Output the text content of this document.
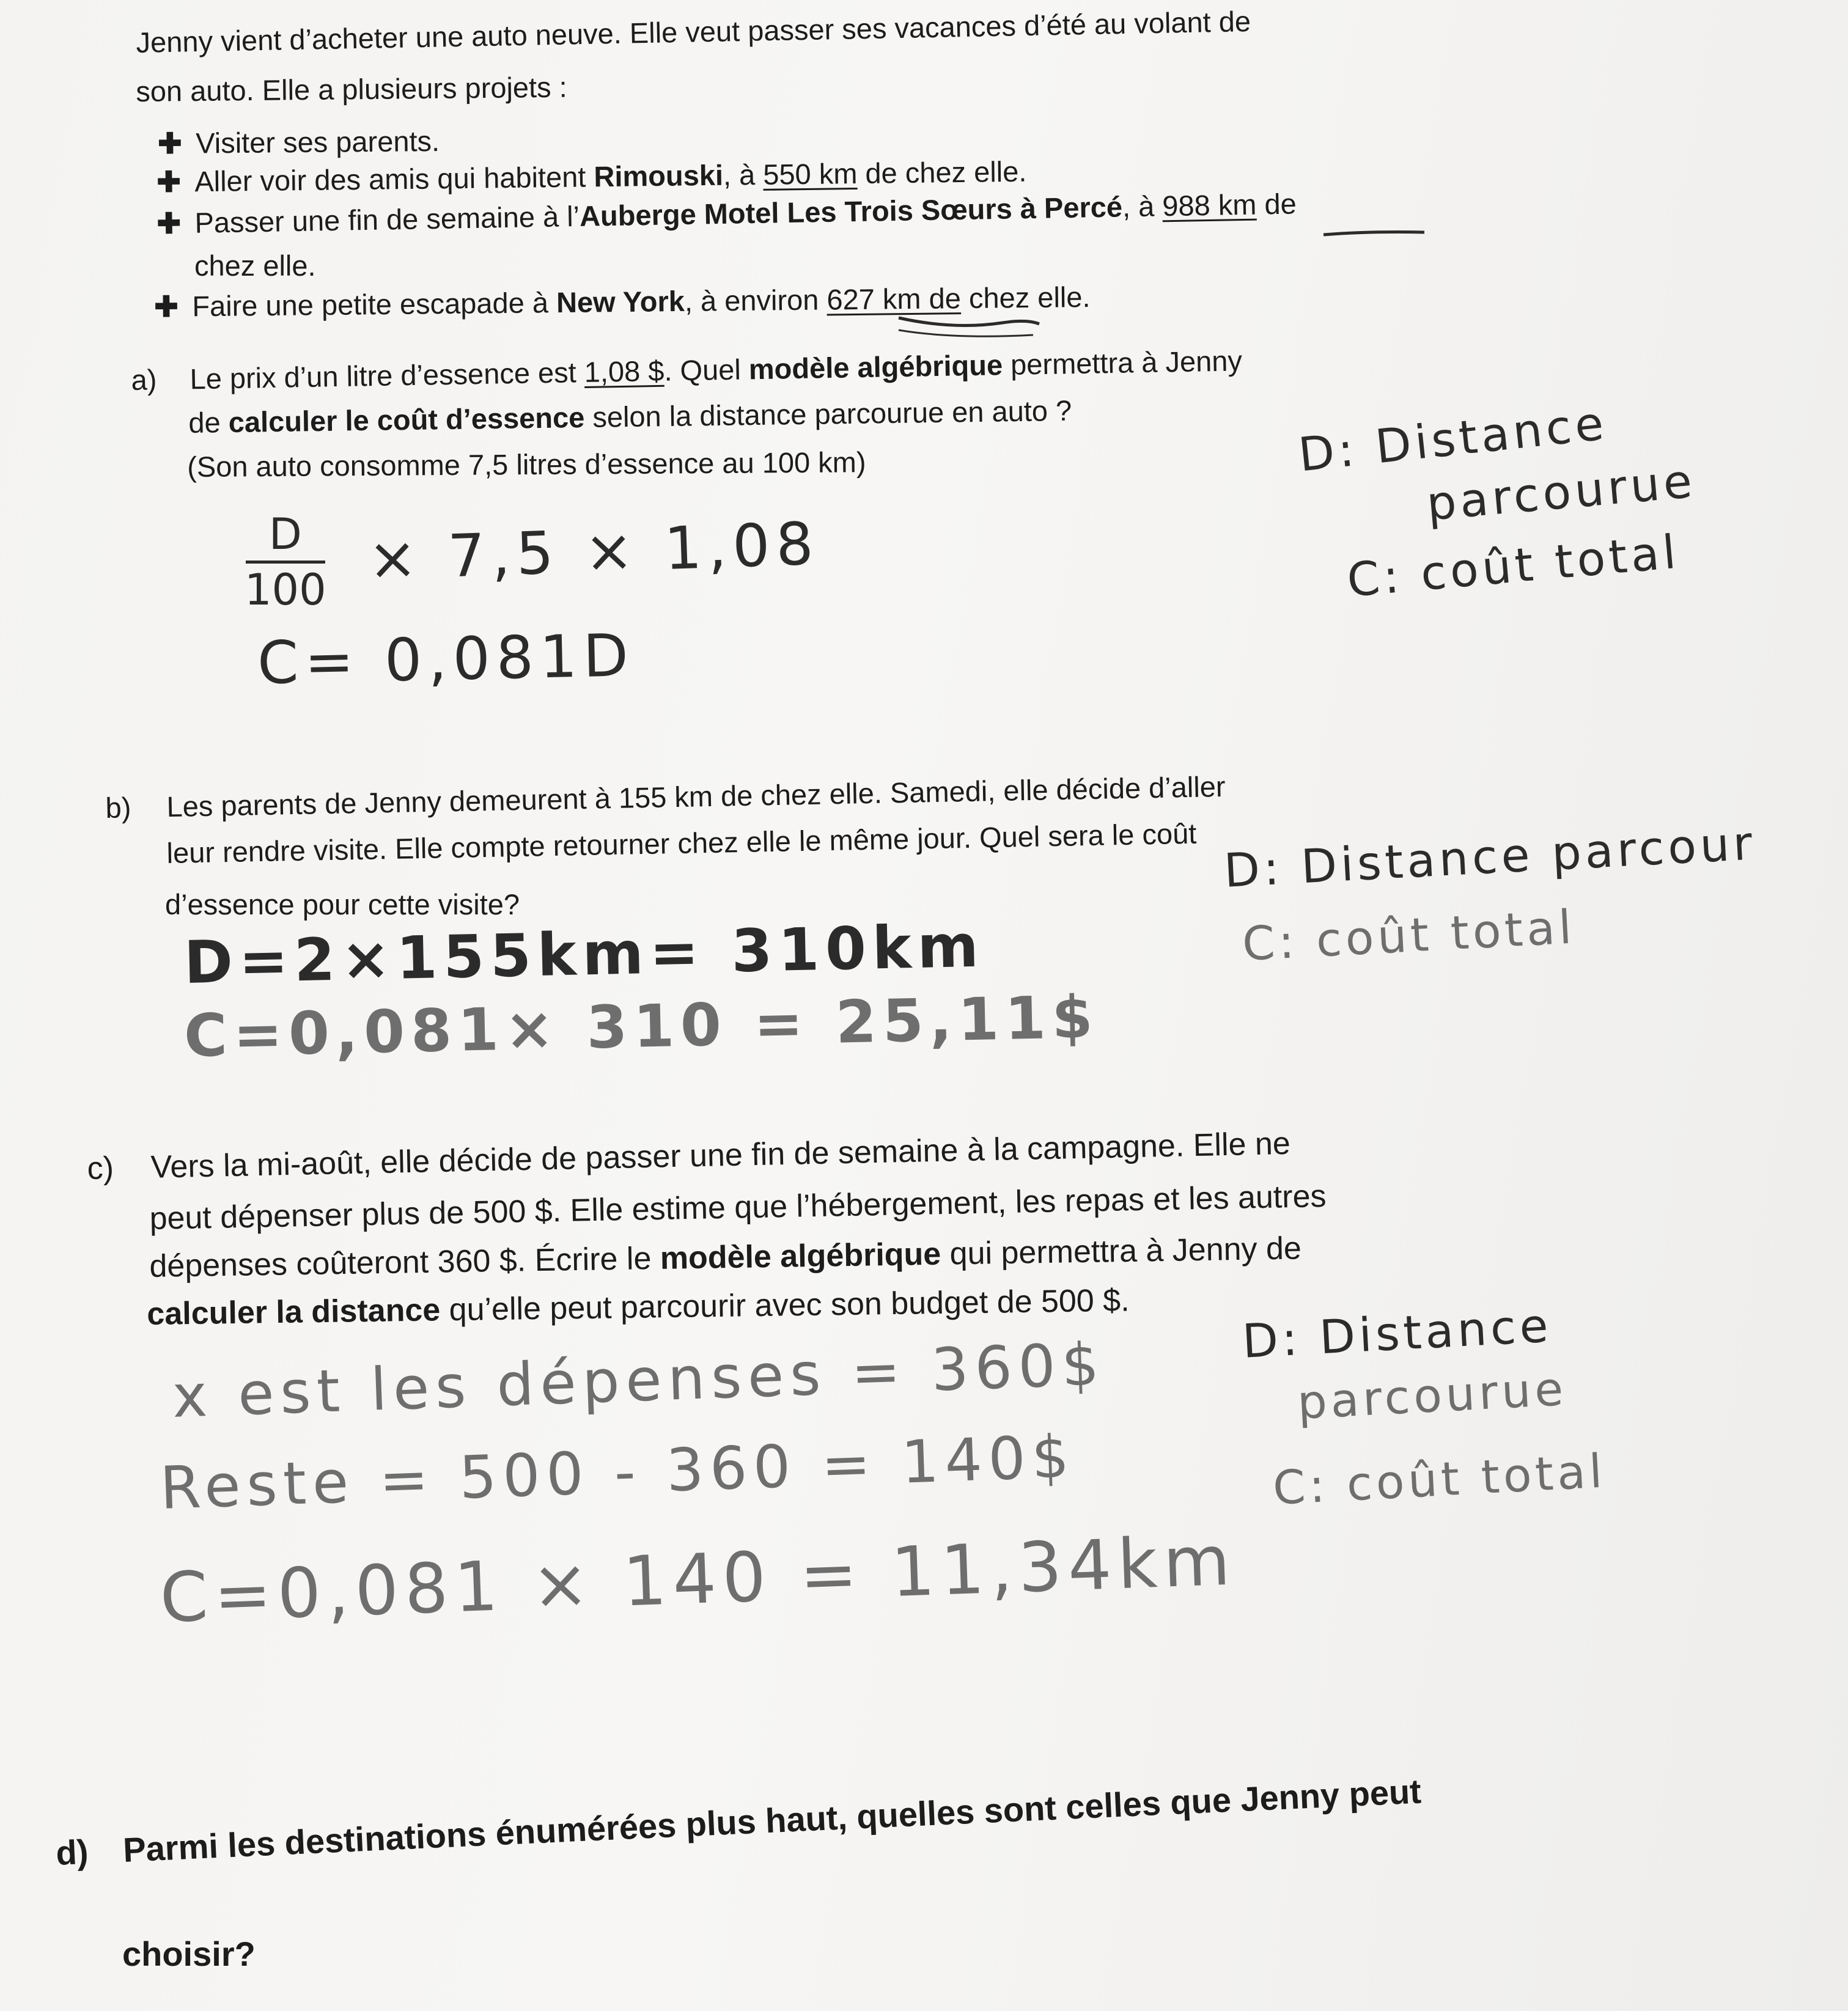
Jenny vient d’acheter une auto neuve. Elle veut passer ses vacances d’été au volant de

son auto. Elle a plusieurs projets :

✚ Visiter ses parents.

✚ Aller voir des amis qui habitent Rimouski, à 550 km de chez elle.

✚ Passer une fin de semaine à l’Auberge Motel Les Trois Sœurs à Percé, à 988 km de

chez elle.

✚ Faire une petite escapade à New York, à environ 627 km de chez elle.

a) Le prix d’un litre d’essence est 1,08 $. Quel modèle algébrique permettra à Jenny

de calculer le coût d’essence selon la distance parcourue en auto ?

(Son auto consomme 7,5 litres d’essence au 100 km)

D
100 × 7,5 × 1,08

C= 0,081D

D: Distance

parcourue

C: coût total

b) Les parents de Jenny demeurent à 155 km de chez elle. Samedi, elle décide d’aller

leur rendre visite. Elle compte retourner chez elle le même jour. Quel sera le coût

d’essence pour cette visite?

D=2×155km= 310km

C=0,081× 310 = 25,11$

D: Distance parcour

C: coût total

c) Vers la mi-août, elle décide de passer une fin de semaine à la campagne. Elle ne

peut dépenser plus de 500 $. Elle estime que l’hébergement, les repas et les autres

dépenses coûteront 360 $. Écrire le modèle algébrique qui permettra à Jenny de

calculer la distance qu’elle peut parcourir avec son budget de 500 $.

x est les dépenses = 360$

Reste = 500 - 360 = 140$

C=0,081 × 140 = 11,34km

D: Distance

parcourue

C: coût total

d) Parmi les destinations énumérées plus haut, quelles sont celles que Jenny peut

choisir?
